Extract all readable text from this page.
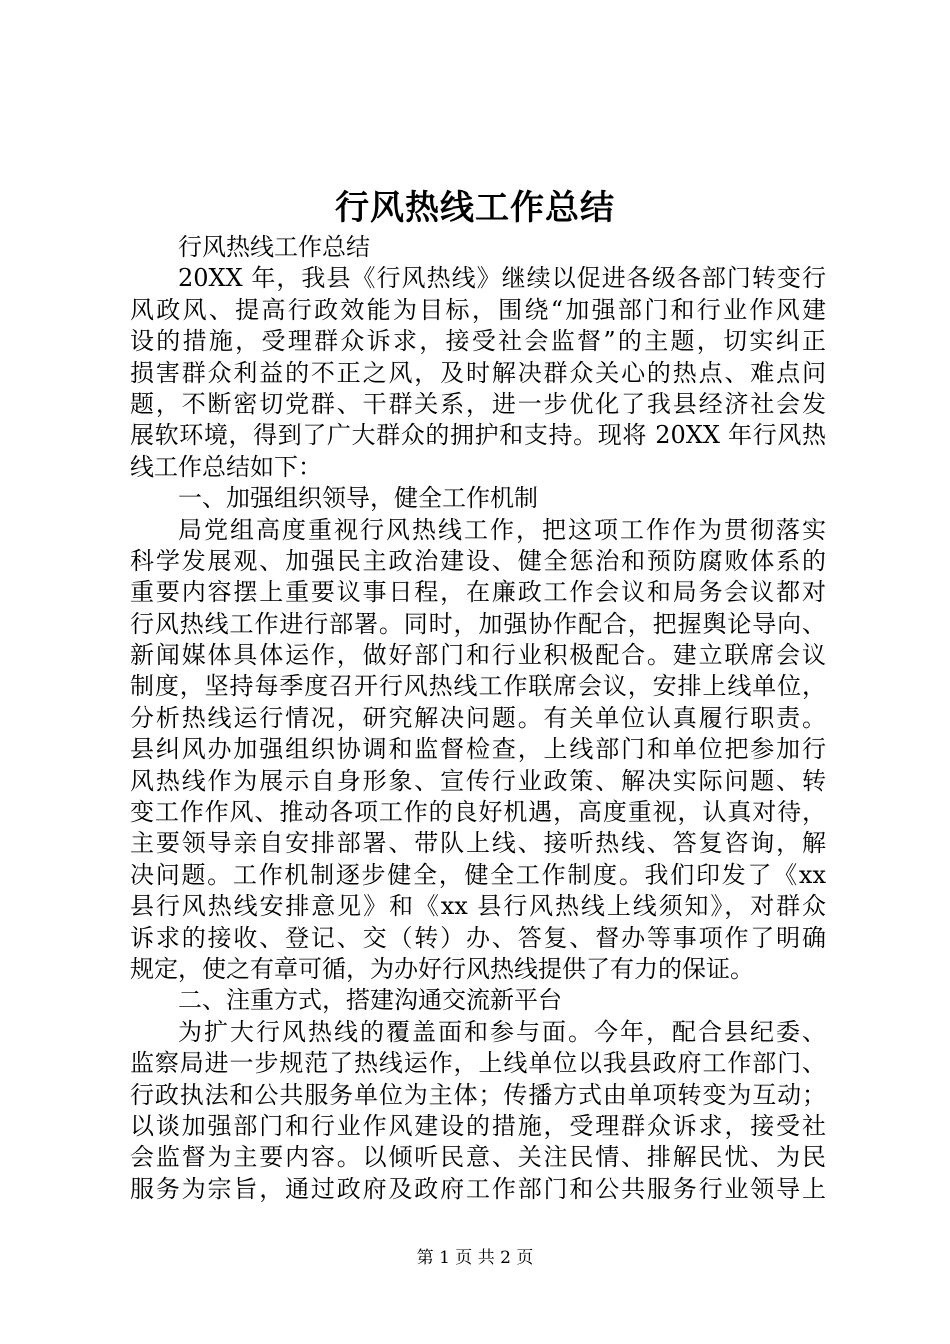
行风热线工作总结
行风热线工作总结
20XX 年，我县《行风热线》继续以促进各级各部门转变行
风政风、提高行政效能为目标，围绕“加强部门和行业作风建
设的措施，受理群众诉求，接受社会监督”的主题，切实纠正
损害群众利益的不正之风，及时解决群众关心的热点、难点问
题，不断密切党群、干群关系，进一步优化了我县经济社会发
展软环境，得到了广大群众的拥护和支持。现将 20XX 年行风热
线工作总结如下：
一、加强组织领导，健全工作机制
局党组高度重视行风热线工作，把这项工作作为贯彻落实
科学发展观、加强民主政治建设、健全惩治和预防腐败体系的
重要内容摆上重要议事日程，在廉政工作会议和局务会议都对
行风热线工作进行部署。同时，加强协作配合，把握舆论导向、
新闻媒体具体运作，做好部门和行业积极配合。建立联席会议
制度，坚持每季度召开行风热线工作联席会议，安排上线单位，
分析热线运行情况，研究解决问题。有关单位认真履行职责。
县纠风办加强组织协调和监督检查，上线部门和单位把参加行
风热线作为展示自身形象、宣传行业政策、解决实际问题、转
变工作作风、推动各项工作的良好机遇，高度重视，认真对待，
主要领导亲自安排部署、带队上线、接听热线、答复咨询，解
决问题。工作机制逐步健全，健全工作制度。我们印发了《xx
县行风热线安排意见》和《xx 县行风热线上线须知》，对群众
诉求的接收、登记、交（转）办、答复、督办等事项作了明确
规定，使之有章可循，为办好行风热线提供了有力的保证。
二、注重方式，搭建沟通交流新平台
为扩大行风热线的覆盖面和参与面。今年，配合县纪委、
监察局进一步规范了热线运作，上线单位以我县政府工作部门、
行政执法和公共服务单位为主体；传播方式由单项转变为互动；
以谈加强部门和行业作风建设的措施，受理群众诉求，接受社
会监督为主要内容。以倾听民意、关注民情、排解民忧、为民
服务为宗旨，通过政府及政府工作部门和公共服务行业领导上
第 1 页 共 2 页
